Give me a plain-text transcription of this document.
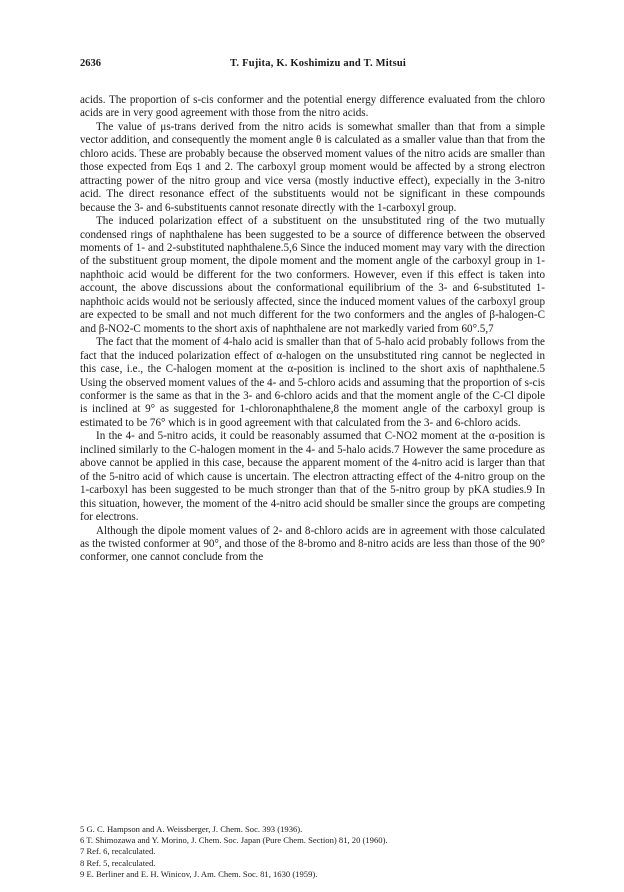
2636	T. Fujita, K. Koshimizu and T. Mitsui

acids. The proportion of s-cis conformer and the potential energy difference evaluated from the chloro acids are in very good agreement with those from the nitro acids.

The value of μs-trans derived from the nitro acids is somewhat smaller than that from a simple vector addition, and consequently the moment angle θ is calculated as a smaller value than that from the chloro acids. These are probably because the observed moment values of the nitro acids are smaller than those expected from Eqs 1 and 2. The carboxyl group moment would be affected by a strong electron attracting power of the nitro group and vice versa (mostly inductive effect), expecially in the 3-nitro acid. The direct resonance effect of the substituents would not be significant in these compounds because the 3- and 6-substituents cannot resonate directly with the 1-carboxyl group.

The induced polarization effect of a substituent on the unsubstituted ring of the two mutually condensed rings of naphthalene has been suggested to be a source of difference between the observed moments of 1- and 2-substituted naphthalene.5,6 Since the induced moment may vary with the direction of the substituent group moment, the dipole moment and the moment angle of the carboxyl group in 1-naphthoic acid would be different for the two conformers. However, even if this effect is taken into account, the above discussions about the conformational equilibrium of the 3- and 6-substituted 1-naphthoic acids would not be seriously affected, since the induced moment values of the carboxyl group are expected to be small and not much different for the two conformers and the angles of β-halogen-C and β-NO2-C moments to the short axis of naphthalene are not markedly varied from 60°.5,7

The fact that the moment of 4-halo acid is smaller than that of 5-halo acid probably follows from the fact that the induced polarization effect of α-halogen on the unsubstituted ring cannot be neglected in this case, i.e., the C-halogen moment at the α-position is inclined to the short axis of naphthalene.5 Using the observed moment values of the 4- and 5-chloro acids and assuming that the proportion of s-cis conformer is the same as that in the 3- and 6-chloro acids and that the moment angle of the C-Cl dipole is inclined at 9° as suggested for 1-chloronaphthalene,8 the moment angle of the carboxyl group is estimated to be 76° which is in good agreement with that calculated from the 3- and 6-chloro acids.

In the 4- and 5-nitro acids, it could be reasonably assumed that C-NO2 moment at the α-position is inclined similarly to the C-halogen moment in the 4- and 5-halo acids.7 However the same procedure as above cannot be applied in this case, because the apparent moment of the 4-nitro acid is larger than that of the 5-nitro acid of which cause is uncertain. The electron attracting effect of the 4-nitro group on the 1-carboxyl has been suggested to be much stronger than that of the 5-nitro group by pKA studies.9 In this situation, however, the moment of the 4-nitro acid should be smaller since the groups are competing for electrons.

Although the dipole moment values of 2- and 8-chloro acids are in agreement with those calculated as the twisted conformer at 90°, and those of the 8-bromo and 8-nitro acids are less than those of the 90° conformer, one cannot conclude from the

5 G. C. Hampson and A. Weissberger, J. Chem. Soc. 393 (1936).

6 T. Shimozawa and Y. Morino, J. Chem. Soc. Japan (Pure Chem. Section) 81, 20 (1960).

7 Ref. 6, recalculated.

8 Ref. 5, recalculated.

9 E. Berliner and E. H. Winicov, J. Am. Chem. Soc. 81, 1630 (1959).
